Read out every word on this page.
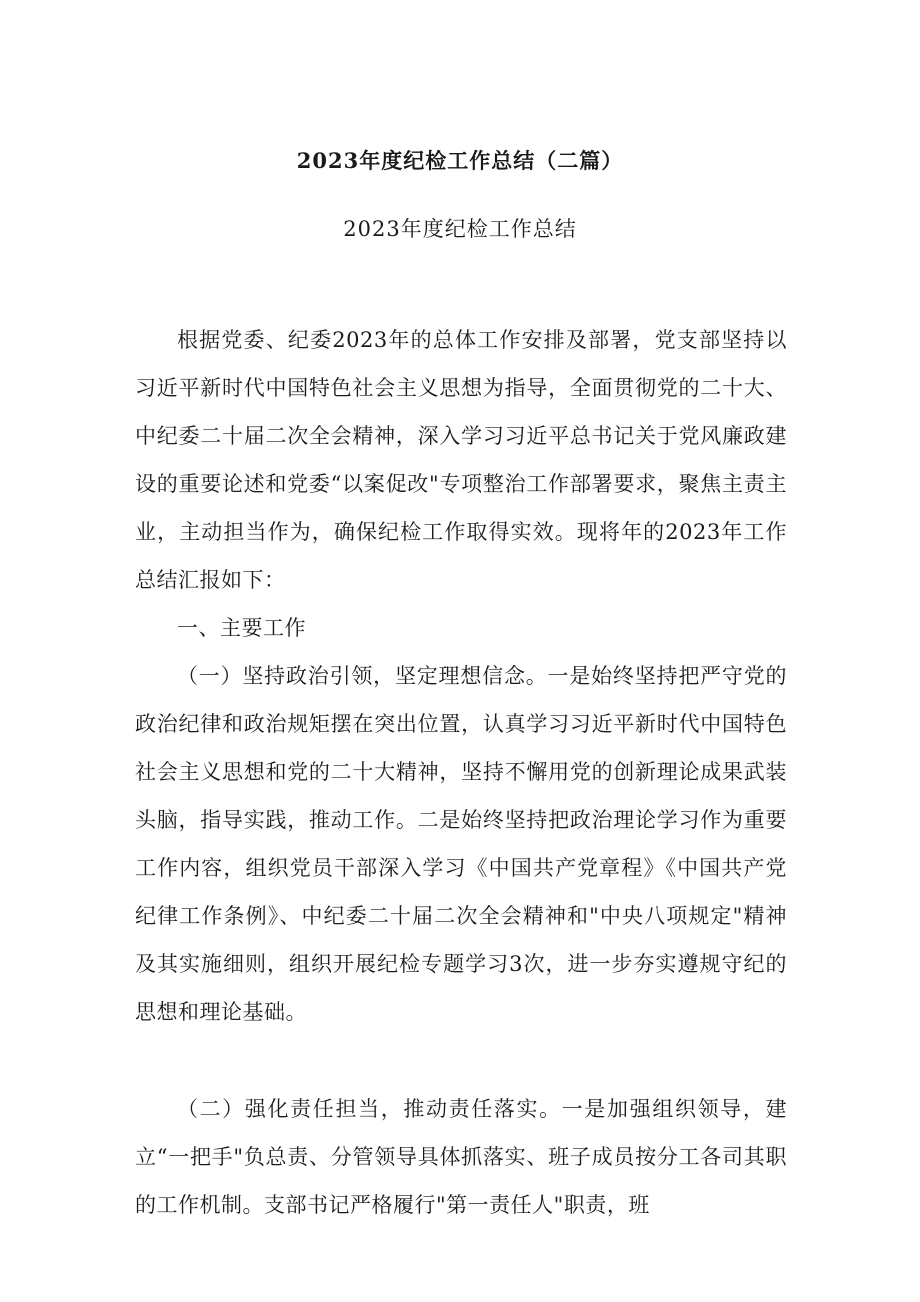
2023年度纪检工作总结（二篇）
2023年度纪检工作总结

根据党委、纪委2023年的总体工作安排及部署，党支部坚持以习近平新时代中国特色社会主义思想为指导，全面贯彻党的二十大、中纪委二十届二次全会精神，深入学习习近平总书记关于党风廉政建设的重要论述和党委“以案促改"专项整治工作部署要求，聚焦主责主业，主动担当作为，确保纪检工作取得实效。现将年的2023年工作总结汇报如下：

一、主要工作

（一）坚持政治引领，坚定理想信念。一是始终坚持把严守党的政治纪律和政治规矩摆在突出位置，认真学习习近平新时代中国特色社会主义思想和党的二十大精神，坚持不懈用党的创新理论成果武装头脑，指导实践，推动工作。二是始终坚持把政治理论学习作为重要工作内容，组织党员干部深入学习《中国共产党章程》《中国共产党纪律工作条例》、中纪委二十届二次全会精神和"中央八项规定"精神及其实施细则，组织开展纪检专题学习3次，进一步夯实遵规守纪的思想和理论基础。

（二）强化责任担当，推动责任落实。一是加强组织领导，建立“一把手"负总责、分管领导具体抓落实、班子成员按分工各司其职的工作机制。支部书记严格履行"第一责任人"职责，班
